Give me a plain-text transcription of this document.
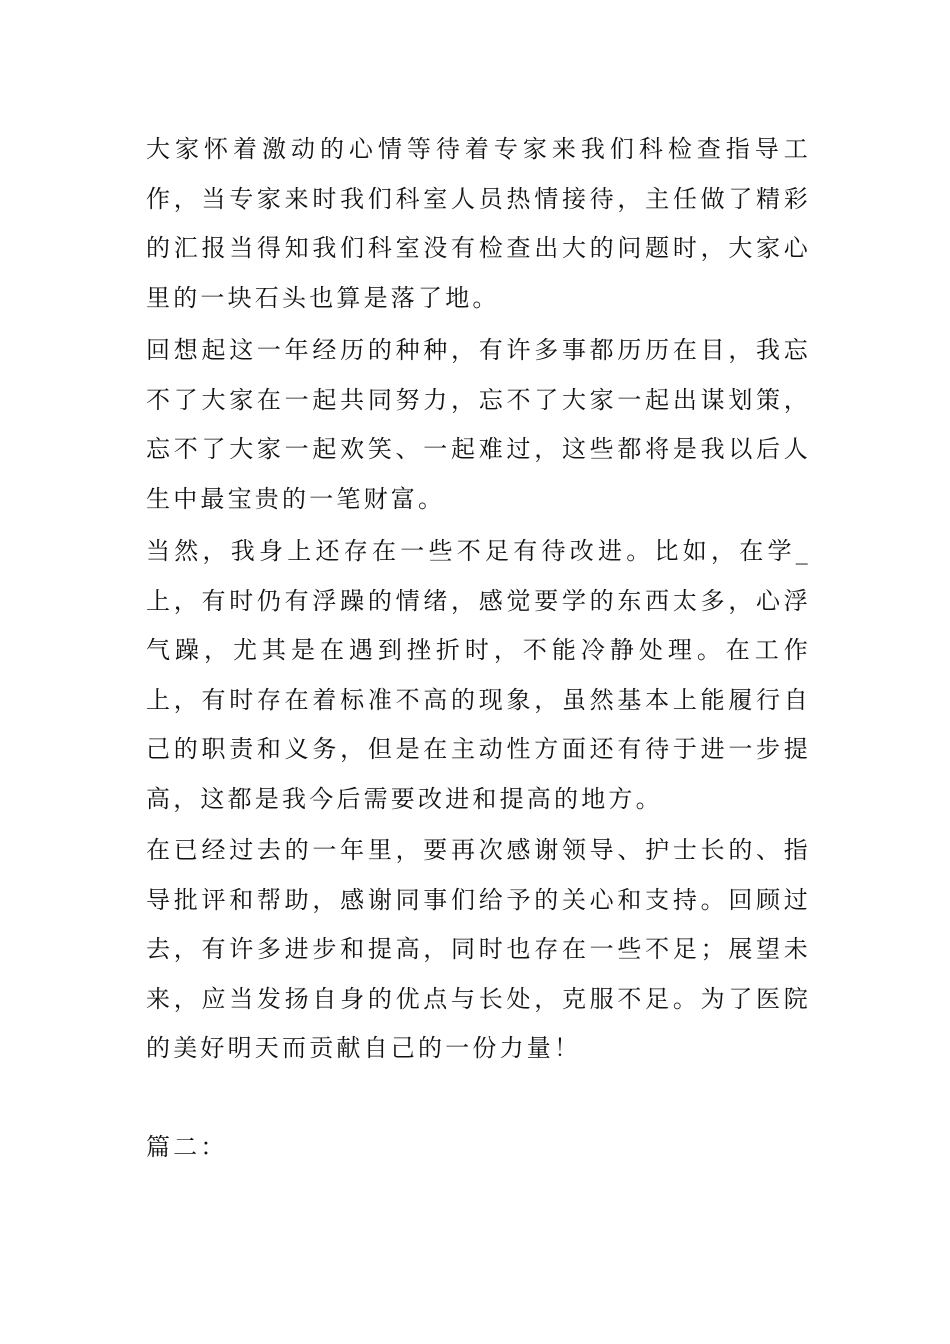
大家怀着激动的心情等待着专家来我们科检查指导工作，当专家来时我们科室人员热情接待，主任做了精彩的汇报当得知我们科室没有检查出大的问题时，大家心里的一块石头也算是落了地。

回想起这一年经历的种种，有许多事都历历在目，我忘不了大家在一起共同努力，忘不了大家一起出谋划策，忘不了大家一起欢笑、一起难过，这些都将是我以后人生中最宝贵的一笔财富。

当然，我身上还存在一些不足有待改进。比如，在学_上，有时仍有浮躁的情绪，感觉要学的东西太多，心浮气躁，尤其是在遇到挫折时，不能冷静处理。在工作上，有时存在着标准不高的现象，虽然基本上能履行自己的职责和义务，但是在主动性方面还有待于进一步提高，这都是我今后需要改进和提高的地方。

在已经过去的一年里，要再次感谢领导、护士长的、指导批评和帮助，感谢同事们给予的关心和支持。回顾过去，有许多进步和提高，同时也存在一些不足；展望未来，应当发扬自身的优点与长处，克服不足。为了医院的美好明天而贡献自己的一份力量！

篇二：
